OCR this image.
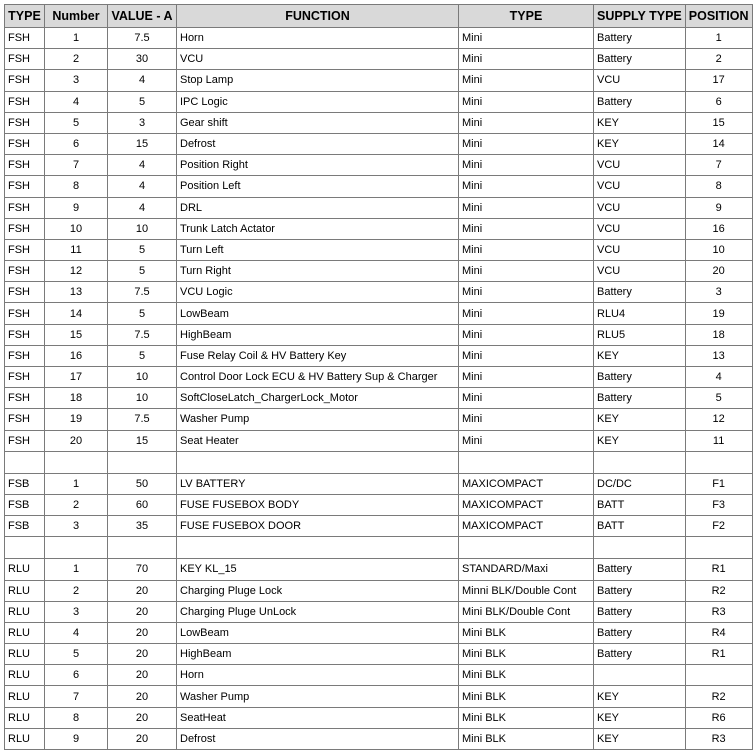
TYPE	Number	VALUE - A	FUNCTION	TYPE	SUPPLY TYPE	POSITION
FSH	1	7.5	Horn	Mini	Battery	1
FSH	2	30	VCU	Mini	Battery	2
FSH	3	4	Stop Lamp	Mini	VCU	17
FSH	4	5	IPC Logic	Mini	Battery	6
FSH	5	3	Gear shift	Mini	KEY	15
FSH	6	15	Defrost	Mini	KEY	14
FSH	7	4	Position Right	Mini	VCU	7
FSH	8	4	Position Left	Mini	VCU	8
FSH	9	4	DRL	Mini	VCU	9
FSH	10	10	Trunk Latch Actator	Mini	VCU	16
FSH	11	5	Turn Left	Mini	VCU	10
FSH	12	5	Turn Right	Mini	VCU	20
FSH	13	7.5	VCU Logic	Mini	Battery	3
FSH	14	5	LowBeam	Mini	RLU4	19
FSH	15	7.5	HighBeam	Mini	RLU5	18
FSH	16	5	Fuse Relay Coil & HV Battery Key	Mini	KEY	13
FSH	17	10	Control Door Lock ECU & HV Battery Sup & Charger	Mini	Battery	4
FSH	18	10	SoftCloseLatch_ChargerLock_Motor	Mini	Battery	5
FSH	19	7.5	Washer Pump	Mini	KEY	12
FSH	20	15	Seat Heater	Mini	KEY	11

FSB	1	50	LV BATTERY	MAXICOMPACT	DC/DC	F1
FSB	2	60	FUSE FUSEBOX BODY	MAXICOMPACT	BATT	F3
FSB	3	35	FUSE FUSEBOX DOOR	MAXICOMPACT	BATT	F2

RLU	1	70	KEY KL_15	STANDARD/Maxi	Battery	R1
RLU	2	20	Charging Pluge Lock	Minni BLK/Double Cont	Battery	R2
RLU	3	20	Charging Pluge UnLock	Mini BLK/Double Cont	Battery	R3
RLU	4	20	LowBeam	Mini BLK	Battery	R4
RLU	5	20	HighBeam	Mini BLK	Battery	R1
RLU	6	20	Horn	Mini BLK		
RLU	7	20	Washer Pump	Mini BLK	KEY	R2
RLU	8	20	SeatHeat	Mini BLK	KEY	R6
RLU	9	20	Defrost	Mini BLK	KEY	R3
